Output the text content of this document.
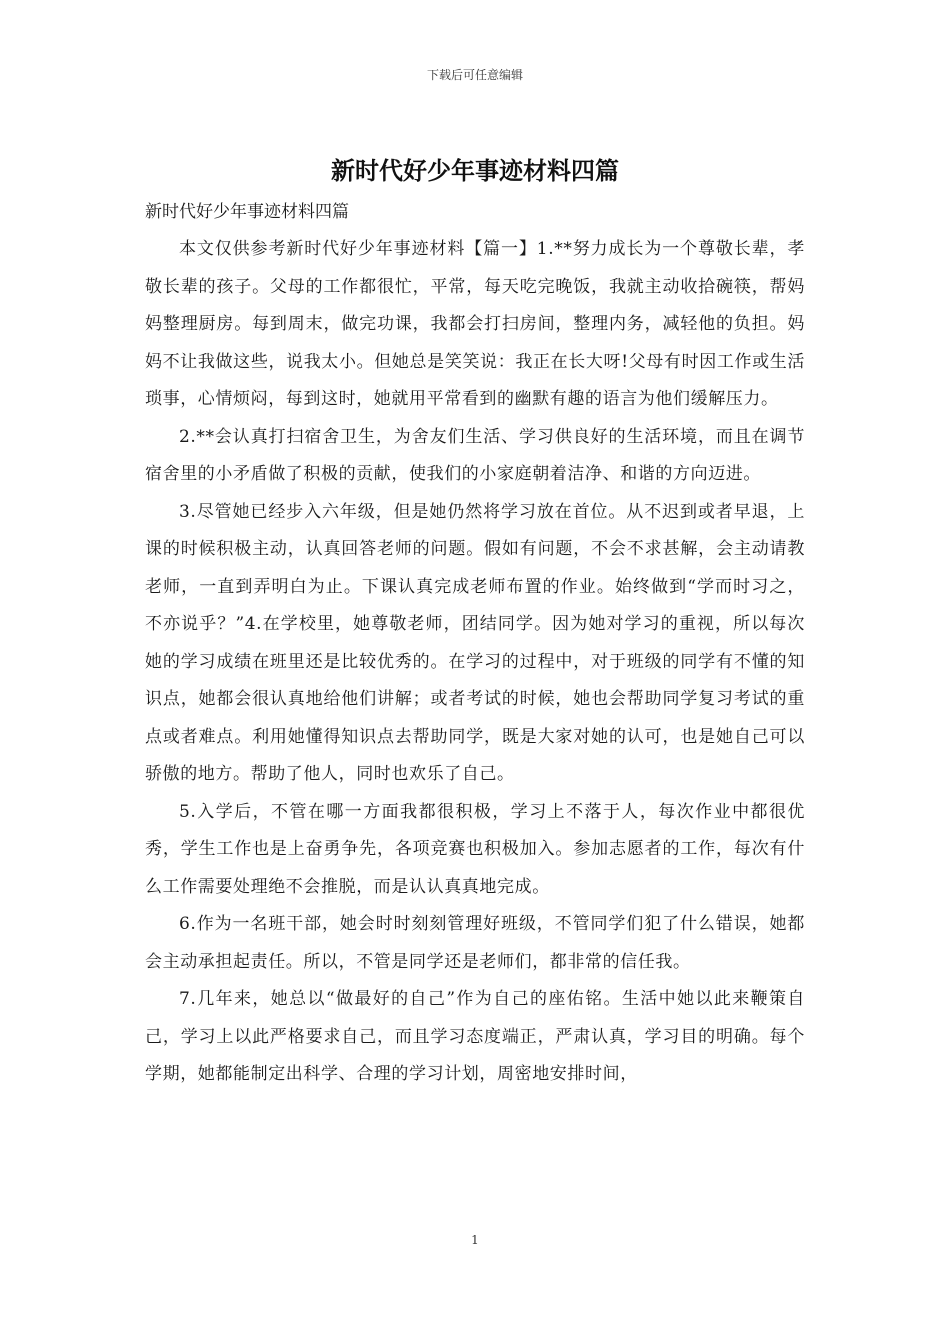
下载后可任意编辑
新时代好少年事迹材料四篇
新时代好少年事迹材料四篇

本文仅供参考新时代好少年事迹材料【篇一】1.**努力成长为一个尊敬长辈，孝敬长辈的孩子。父母的工作都很忙，平常，每天吃完晚饭，我就主动收拾碗筷，帮妈妈整理厨房。每到周末，做完功课，我都会打扫房间，整理内务，减轻他的负担。妈妈不让我做这些，说我太小。但她总是笑笑说：我正在长大呀!父母有时因工作或生活琐事，心情烦闷，每到这时，她就用平常看到的幽默有趣的语言为他们缓解压力。

2.**会认真打扫宿舍卫生，为舍友们生活、学习供良好的生活环境，而且在调节宿舍里的小矛盾做了积极的贡献，使我们的小家庭朝着洁净、和谐的方向迈进。

3.尽管她已经步入六年级，但是她仍然将学习放在首位。从不迟到或者早退，上课的时候积极主动，认真回答老师的问题。假如有问题，不会不求甚解，会主动请教老师，一直到弄明白为止。下课认真完成老师布置的作业。始终做到“学而时习之，不亦说乎？”4.在学校里，她尊敬老师，团结同学。因为她对学习的重视，所以每次她的学习成绩在班里还是比较优秀的。在学习的过程中，对于班级的同学有不懂的知识点，她都会很认真地给他们讲解；或者考试的时候，她也会帮助同学复习考试的重点或者难点。利用她懂得知识点去帮助同学，既是大家对她的认可，也是她自己可以骄傲的地方。帮助了他人，同时也欢乐了自己。

5.入学后，不管在哪一方面我都很积极，学习上不落于人，每次作业中都很优秀，学生工作也是上奋勇争先，各项竞赛也积极加入。参加志愿者的工作，每次有什么工作需要处理绝不会推脱，而是认认真真地完成。

6.作为一名班干部，她会时时刻刻管理好班级，不管同学们犯了什么错误，她都会主动承担起责任。所以，不管是同学还是老师们，都非常的信任我。

7.几年来，她总以“做最好的自己”作为自己的座佑铭。生活中她以此来鞭策自己，学习上以此严格要求自己，而且学习态度端正，严肃认真，学习目的明确。每个学期，她都能制定出科学、合理的学习计划，周密地安排时间，

1
